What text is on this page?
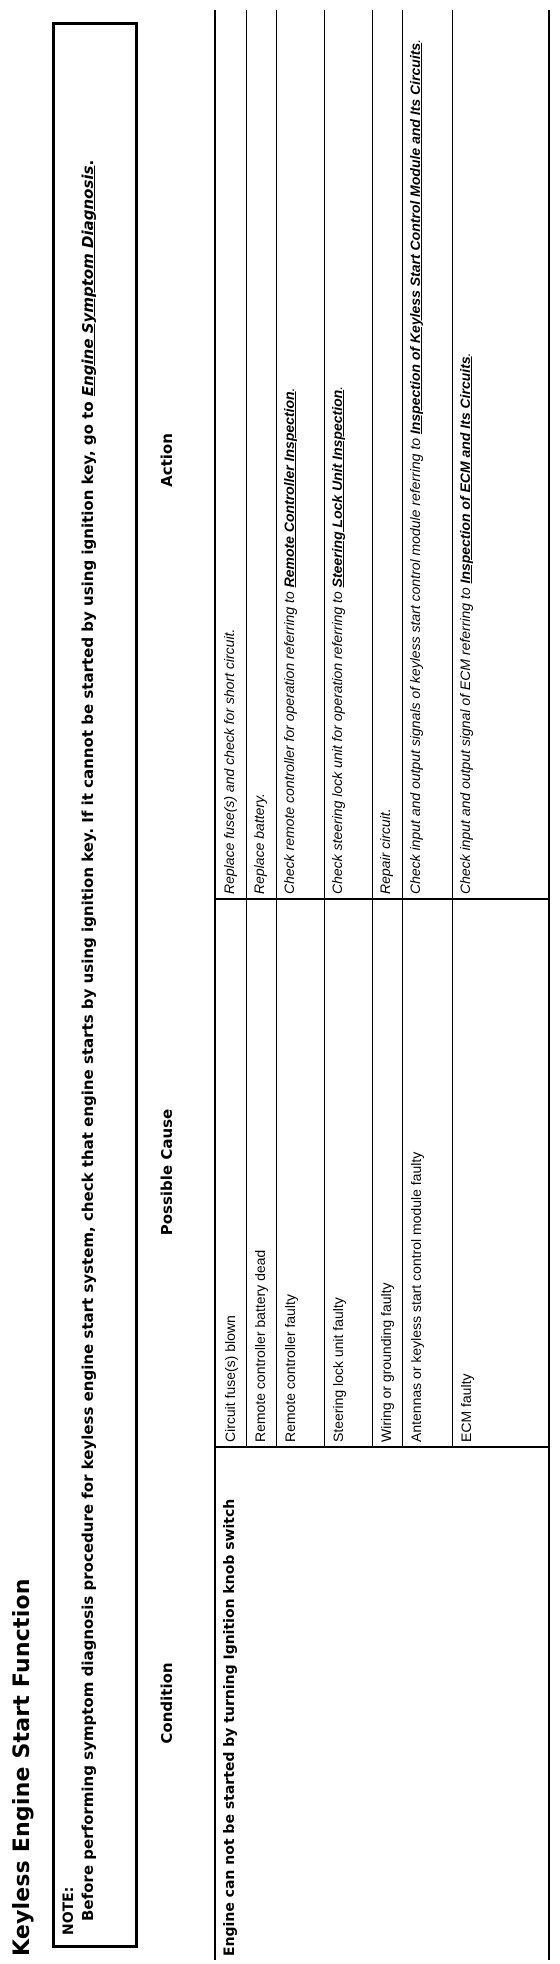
Keyless Engine Start Function NOTE: Before performing symptom diagnosis procedure for keyless engine start system, check that engine starts by using ignition key. If it cannot be started by using ignition key, go to Engine Symptom Diagnosis.

Condition
Possible Cause
Action
Engine can not be started by turning Ignition knob switch
Circuit fuse(s) blown
Replace fuse(s) and check for short circuit.
Remote controller battery dead
Replace battery.
Remote controller faulty
Check remote controller for operation referring to Remote Controller Inspection.
Steering lock unit faulty
Check steering lock unit for operation referring to Steering Lock Unit Inspection.
Wiring or grounding faulty
Repair circuit.
Antennas or keyless start control module faulty
Check input and output signals of keyless start control module referring to Inspection of Keyless Start Control Module and Its Circuits.
ECM faulty
Check input and output signal of ECM referring to Inspection of ECM and Its Circuits.
